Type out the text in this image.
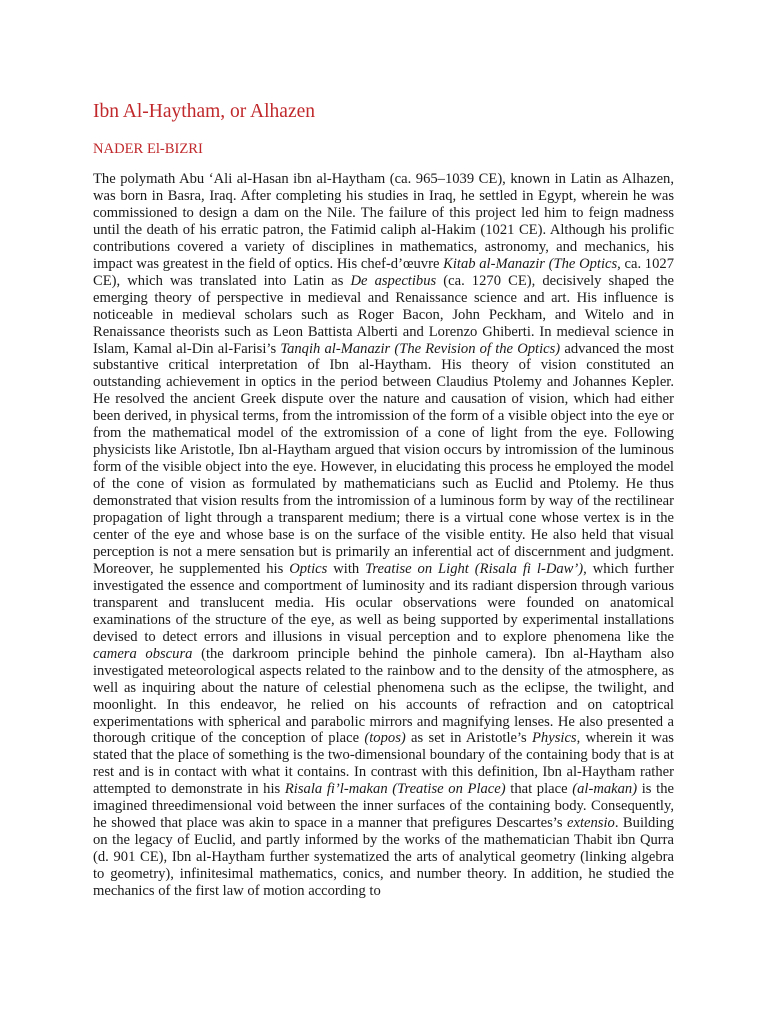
Ibn Al-Haytham, or Alhazen
NADER El-BIZRI

The polymath Abu ‘Ali al-Hasan ibn al-Haytham (ca. 965–1039 CE), known in Latin as Alhazen, was born in Basra, Iraq. After completing his studies in Iraq, he settled in Egypt, wherein he was commissioned to design a dam on the Nile. The failure of this project led him to feign madness until the death of his erratic patron, the Fatimid caliph al-Hakim (1021 CE). Although his prolific contributions covered a variety of disciplines in mathematics, astronomy, and mechanics, his impact was greatest in the field of optics. His chef-d’œuvre Kitab al-Manazir (The Optics, ca. 1027 CE), which was translated into Latin as De aspectibus (ca. 1270 CE), decisively shaped the emerging theory of perspective in medieval and Renaissance science and art. His influence is noticeable in medieval scholars such as Roger Bacon, John Peckham, and Witelo and in Renaissance theorists such as Leon Battista Alberti and Lorenzo Ghiberti. In medieval science in Islam, Kamal al-Din al-Farisi’s Tanqih al-Manazir (The Revision of the Optics) advanced the most substantive critical interpretation of Ibn al-Haytham. His theory of vision constituted an outstanding achievement in optics in the period between Claudius Ptolemy and Johannes Kepler. He resolved the ancient Greek dispute over the nature and causation of vision, which had either been derived, in physical terms, from the intromission of the form of a visible object into the eye or from the mathematical model of the extromission of a cone of light from the eye. Following physicists like Aristotle, Ibn al-Haytham argued that vision occurs by intromission of the luminous form of the visible object into the eye. However, in elucidating this process he employed the model of the cone of vision as formulated by mathematicians such as Euclid and Ptolemy. He thus demonstrated that vision results from the intromission of a luminous form by way of the rectilinear propagation of light through a transparent medium; there is a virtual cone whose vertex is in the center of the eye and whose base is on the surface of the visible entity. He also held that visual perception is not a mere sensation but is primarily an inferential act of discernment and judgment. Moreover, he supplemented his Optics with Treatise on Light (Risala fi l-Daw’), which further investigated the essence and comportment of luminosity and its radiant dispersion through various transparent and translucent media. His ocular observations were founded on anatomical examinations of the structure of the eye, as well as being supported by experimental installations devised to detect errors and illusions in visual perception and to explore phenomena like the camera obscura (the darkroom principle behind the pinhole camera). Ibn al-Haytham also investigated meteorological aspects related to the rainbow and to the density of the atmosphere, as well as inquiring about the nature of celestial phenomena such as the eclipse, the twilight, and moonlight. In this endeavor, he relied on his accounts of refraction and on catoptrical experimentations with spherical and parabolic mirrors and magnifying lenses. He also presented a thorough critique of the conception of place (topos) as set in Aristotle’s Physics, wherein it was stated that the place of something is the two-dimensional boundary of the containing body that is at rest and is in contact with what it contains. In contrast with this definition, Ibn al-Haytham rather attempted to demonstrate in his Risala fi’l-makan (Treatise on Place) that place (al-makan) is the imagined threedimensional void between the inner surfaces of the containing body. Consequently, he showed that place was akin to space in a manner that prefigures Descartes’s extensio. Building on the legacy of Euclid, and partly informed by the works of the mathematician Thabit ibn Qurra (d. 901 CE), Ibn al-Haytham further systematized the arts of analytical geometry (linking algebra to geometry), infinitesimal mathematics, conics, and number theory. In addition, he studied the mechanics of the first law of motion according to
